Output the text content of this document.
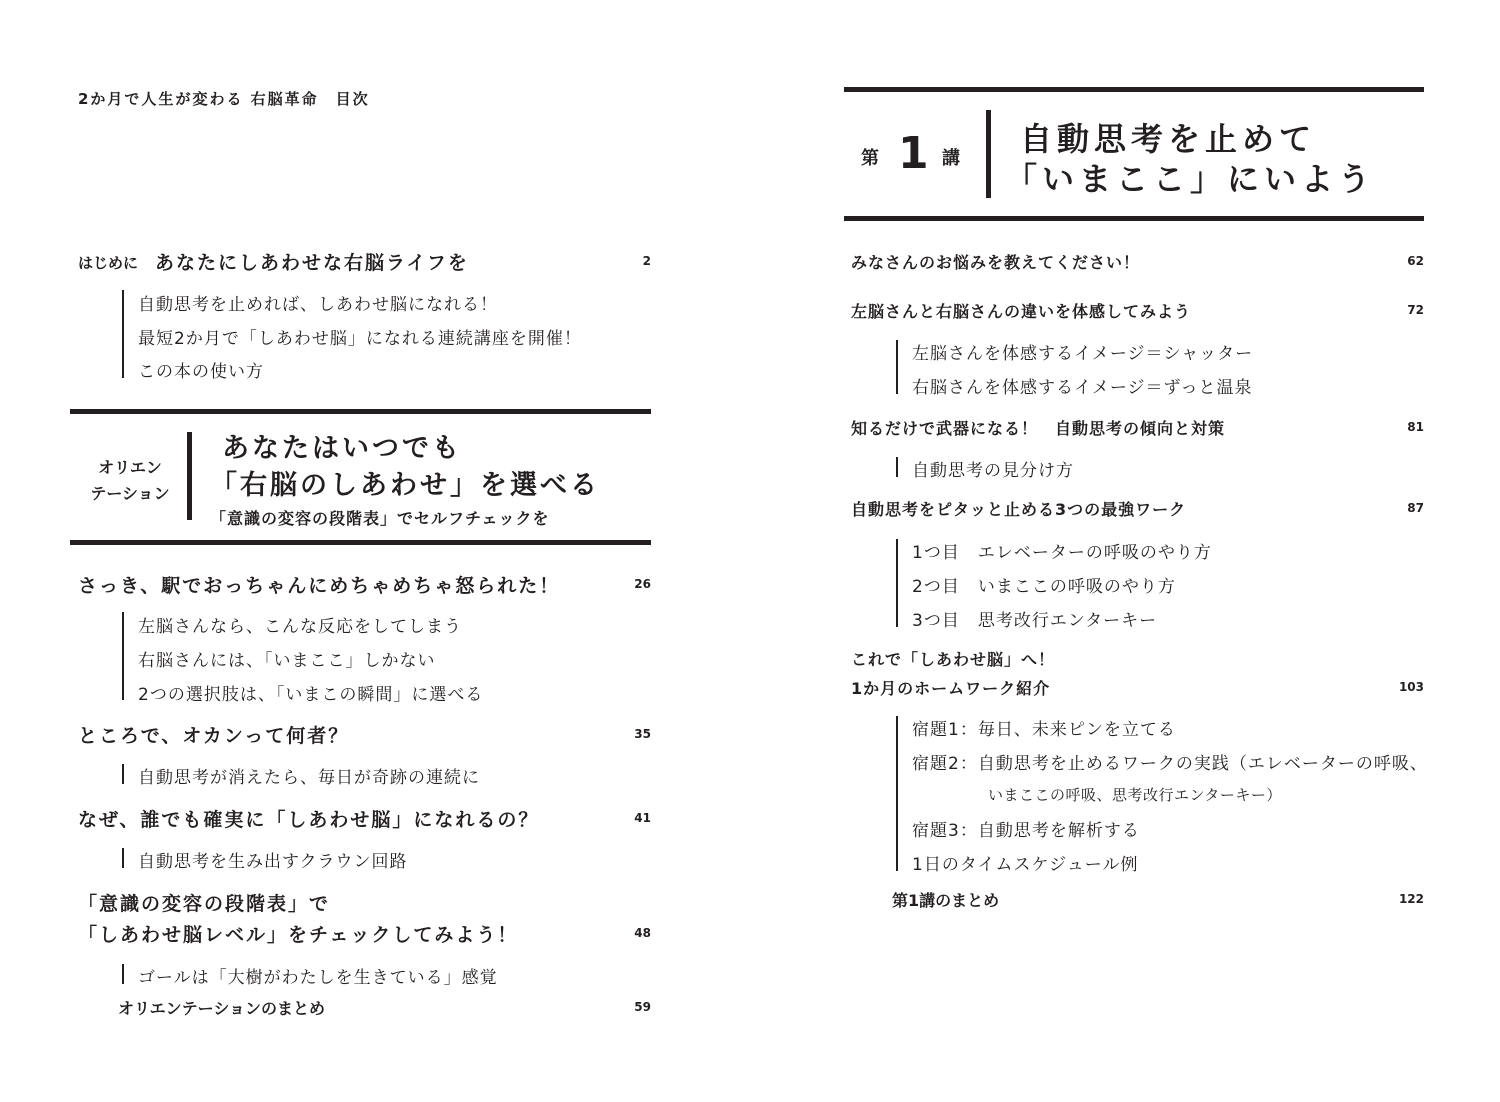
2か月で人生が変わる 右脳革命　目次
はじめに あなたにしあわせな右脳ライフを	2
自動思考を止めれば、しあわせ脳になれる！
最短2か月で「しあわせ脳」になれる連続講座を開催！
この本の使い方
オリエン
テーション
あなたはいつでも
「右脳のしあわせ」を選べる
「意識の変容の段階表」でセルフチェックを
さっき、駅でおっちゃんにめちゃめちゃ怒られた！	26
左脳さんなら、こんな反応をしてしまう
右脳さんには、「いまここ」しかない
2つの選択肢は、「いまこの瞬間」に選べる
ところで、オカンって何者？	35
自動思考が消えたら、毎日が奇跡の連続に
なぜ、誰でも確実に「しあわせ脳」になれるの？	41
自動思考を生み出すクラウン回路
「意識の変容の段階表」で
「しあわせ脳レベル」をチェックしてみよう！	48
ゴールは「大樹がわたしを生きている」感覚
オリエンテーションのまとめ	59
第 1 講
自動思考を止めて
「いまここ」にいよう
みなさんのお悩みを教えてください！	62
左脳さんと右脳さんの違いを体感してみよう	72
左脳さんを体感するイメージ＝シャッター
右脳さんを体感するイメージ＝ずっと温泉
知るだけで武器になる！　自動思考の傾向と対策	81
自動思考の見分け方
自動思考をピタッと止める3つの最強ワーク	87
1つ目　エレベーターの呼吸のやり方
2つ目　いまここの呼吸のやり方
3つ目　思考改行エンターキー
これで「しあわせ脳」へ！
1か月のホームワーク紹介	103
宿題1：毎日、未来ピンを立てる
宿題2：自動思考を止めるワークの実践（エレベーターの呼吸、
いまここの呼吸、思考改行エンターキー）
宿題3：自動思考を解析する
1日のタイムスケジュール例
第1講のまとめ	122
